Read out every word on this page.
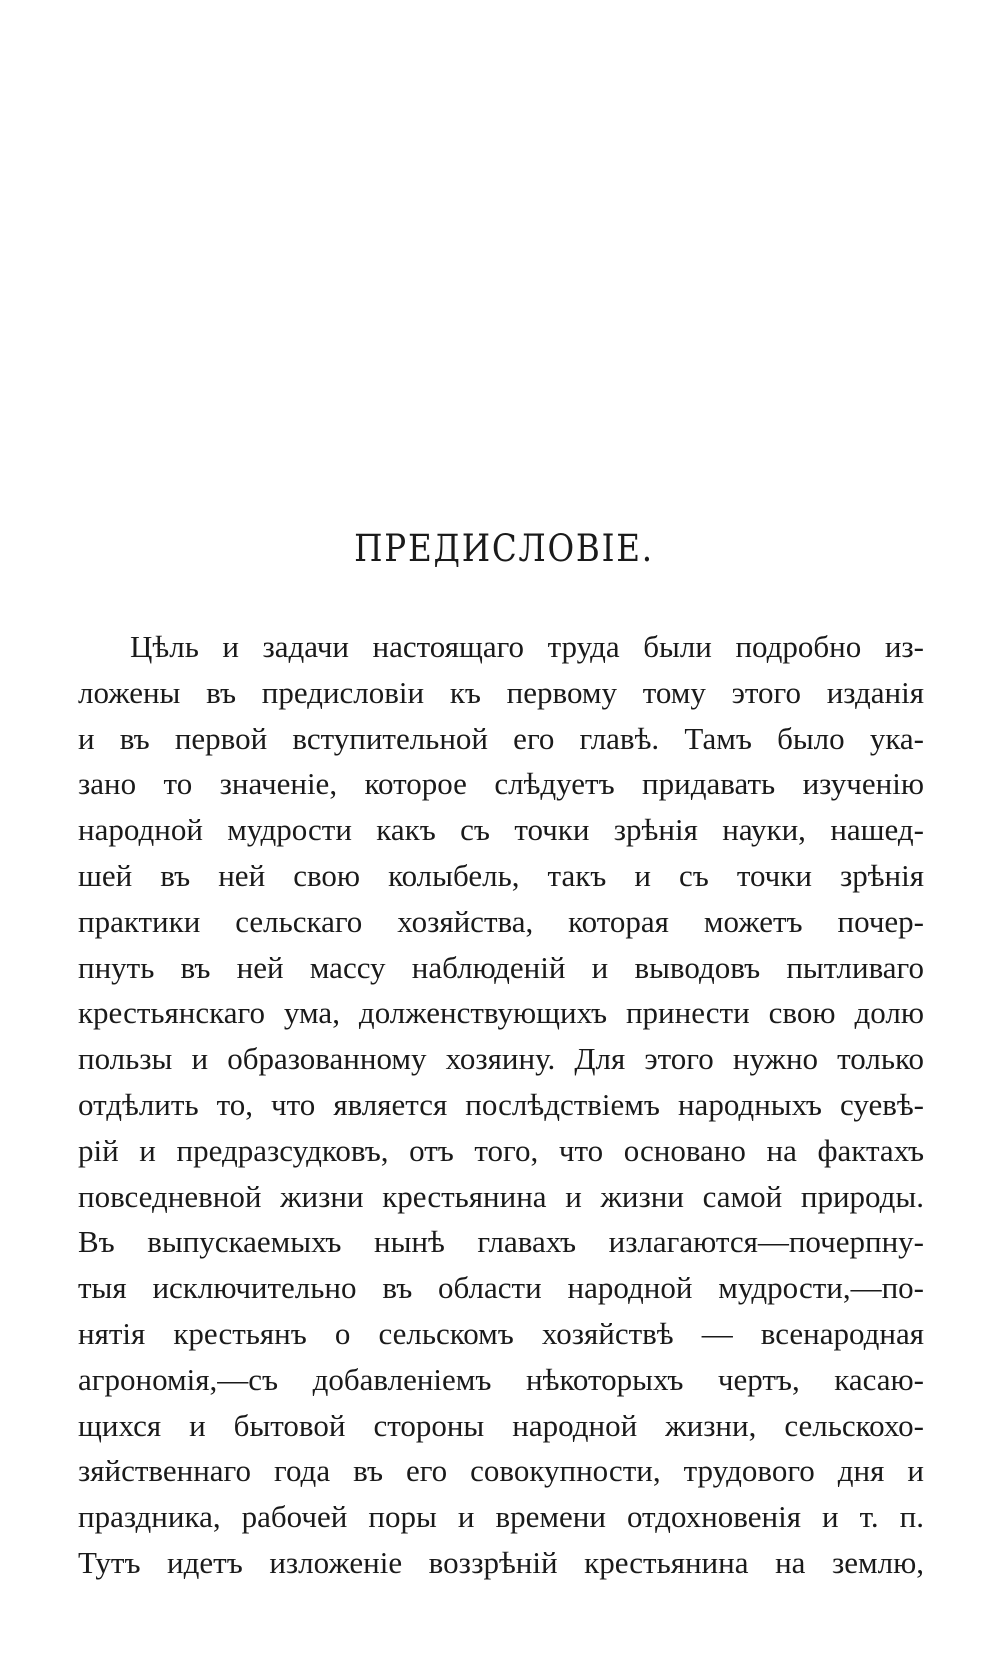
ПРЕДИСЛОВІЕ.
Цѣль и задачи настоящаго труда были подробно из-
ложены въ предисловіи къ первому тому этого изданія
и въ первой вступительной его главѣ. Тамъ было ука-
зано то значеніе, которое слѣдуетъ придавать изученію
народной мудрости какъ съ точки зрѣнія науки, нашед-
шей въ ней свою колыбель, такъ и съ точки зрѣнія
практики сельскаго хозяйства, которая можетъ почер-
пнуть въ ней массу наблюденій и выводовъ пытливаго
крестьянскаго ума, долженствующихъ принести свою долю
пользы и образованному хозяину. Для этого нужно только
отдѣлить то, что является послѣдствіемъ народныхъ суевѣ-
рій и предразсудковъ, отъ того, что основано на фактахъ
повседневной жизни крестьянина и жизни самой природы.
Въ выпускаемыхъ нынѣ главахъ излагаются—почерпну-
тыя исключительно въ области народной мудрости,—по-
нятія крестьянъ о сельскомъ хозяйствѣ — всенародная
агрономія,—съ добавленіемъ нѣкоторыхъ чертъ, касаю-
щихся и бытовой стороны народной жизни, сельскохо-
зяйственнаго года въ его совокупности, трудового дня и
праздника, рабочей поры и времени отдохновенія и т. п.
Тутъ идетъ изложеніе воззрѣній крестьянина на землю,
